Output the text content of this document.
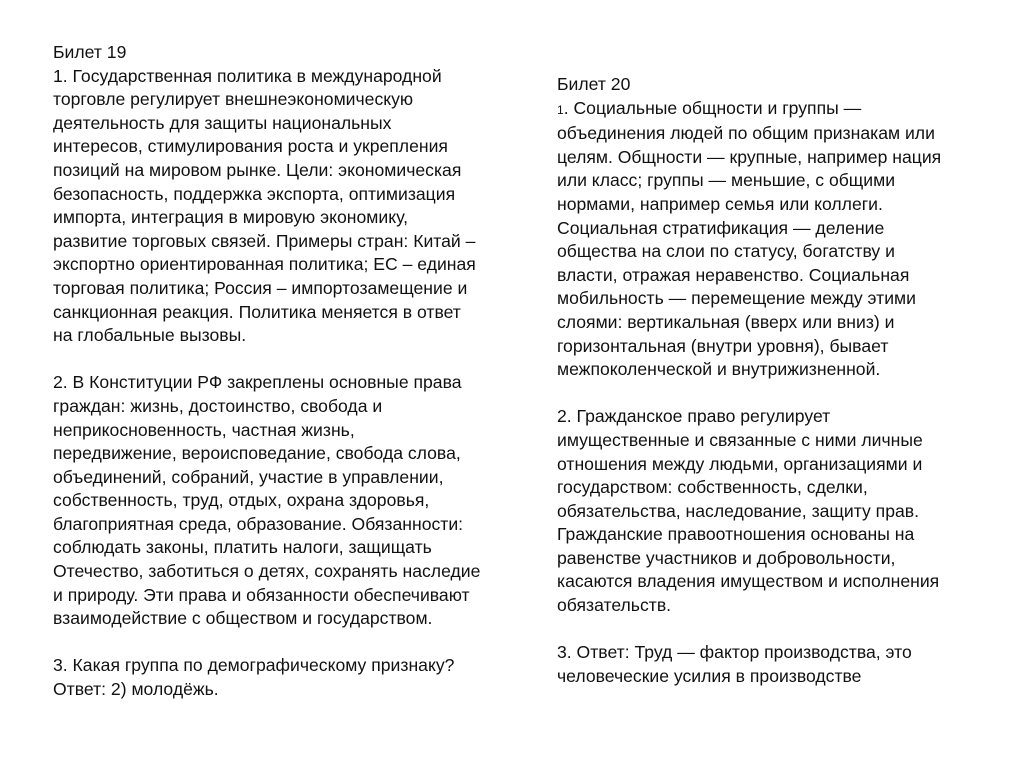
Билет 19
1. Государственная политика в международной
торговле регулирует внешнеэкономическую
деятельность для защиты национальных
интересов, стимулирования роста и укрепления
позиций на мировом рынке. Цели: экономическая
безопасность, поддержка экспорта, оптимизация
импорта, интеграция в мировую экономику,
развитие торговых связей. Примеры стран: Китай –
экспортно ориентированная политика; ЕС – единая
торговая политика; Россия – импортозамещение и
санкционная реакция. Политика меняется в ответ
на глобальные вызовы.
2. В Конституции РФ закреплены основные права
граждан: жизнь, достоинство, свобода и
неприкосновенность, частная жизнь,
передвижение, вероисповедание, свобода слова,
объединений, собраний, участие в управлении,
собственность, труд, отдых, охрана здоровья,
благоприятная среда, образование. Обязанности:
соблюдать законы, платить налоги, защищать
Отечество, заботиться о детях, сохранять наследие
и природу. Эти права и обязанности обеспечивают
взаимодействие с обществом и государством.
3. Какая группа по демографическому признаку?
Ответ: 2) молодёжь.
Билет 20
1. Социальные общности и группы —
объединения людей по общим признакам или
целям. Общности — крупные, например нация
или класс; группы — меньшие, с общими
нормами, например семья или коллеги.
Социальная стратификация — деление
общества на слои по статусу, богатству и
власти, отражая неравенство. Социальная
мобильность — перемещение между этими
слоями: вертикальная (вверх или вниз) и
горизонтальная (внутри уровня), бывает
межпоколенческой и внутрижизненной.
2. Гражданское право регулирует
имущественные и связанные с ними личные
отношения между людьми, организациями и
государством: собственность, сделки,
обязательства, наследование, защиту прав.
Гражданские правоотношения основаны на
равенстве участников и добровольности,
касаются владения имуществом и исполнения
обязательств.
3. Ответ: Труд — фактор производства, это
человеческие усилия в производстве
